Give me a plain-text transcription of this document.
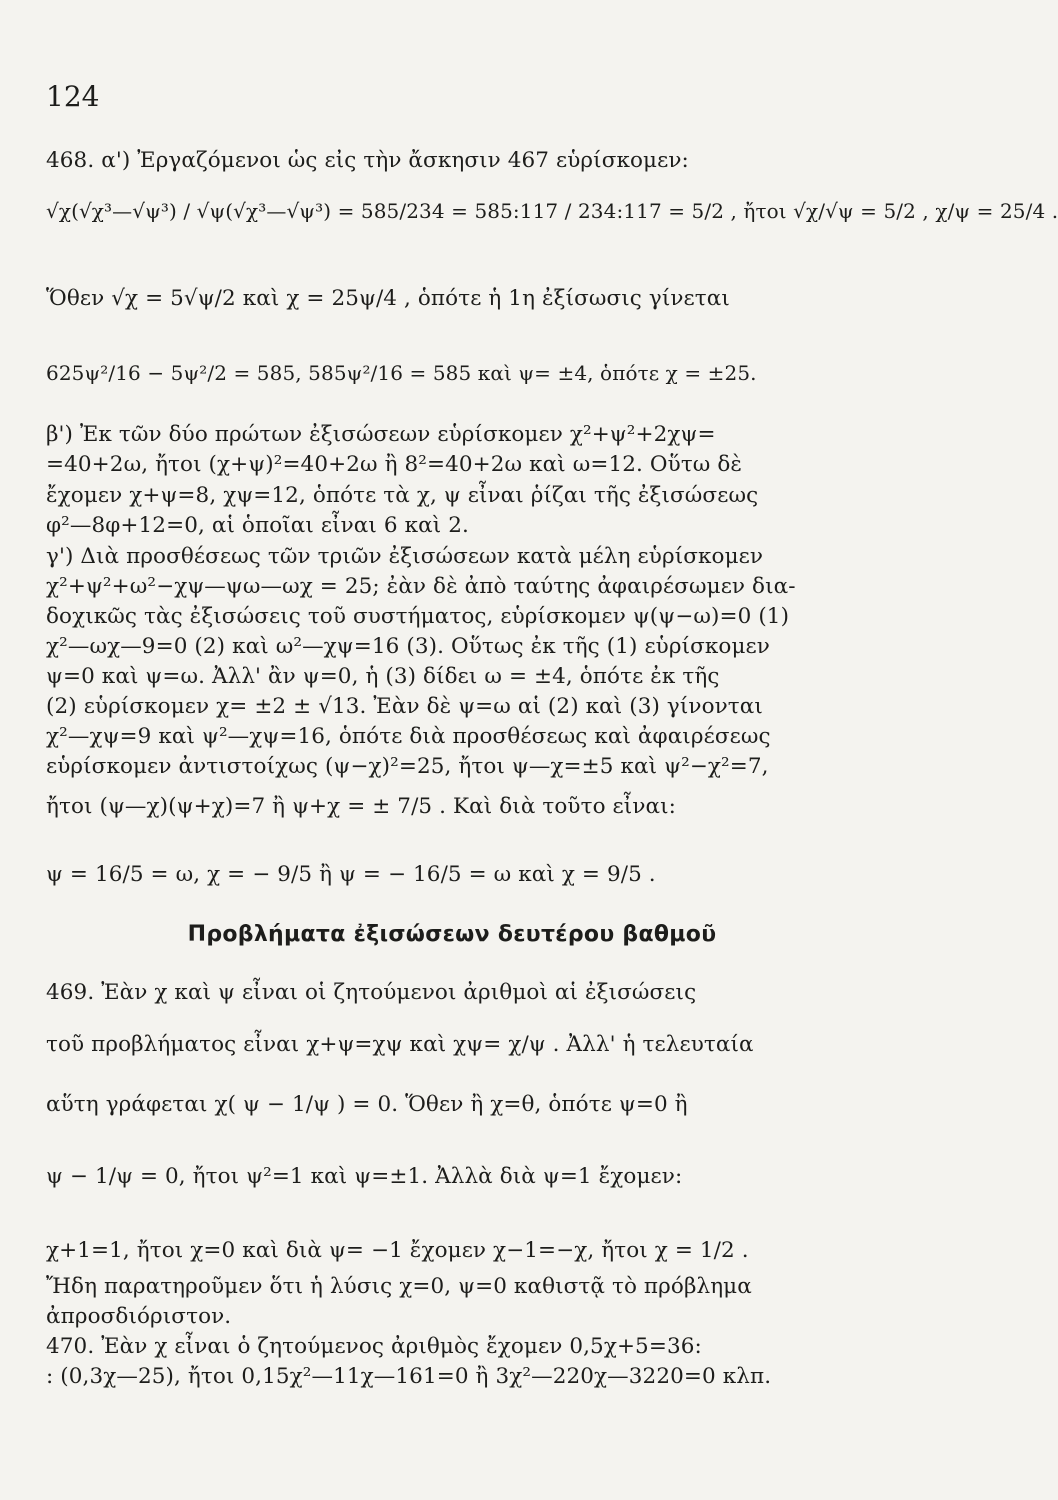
124
468. α') Ἐργαζόμενοι ὡς εἰς τὴν ἄσκησιν 467 εὑρίσκομεν:
√χ(√χ³—√ψ³) / √ψ(√χ³—√ψ³) = 585/234 = 585:117 / 234:117 = 5/2 , ἤτοι √χ/√ψ = 5/2 , χ/ψ = 25/4 .
Ὅθεν √χ = 5√ψ/2 καὶ χ = 25ψ/4 , ὁπότε ἡ 1η ἐξίσωσις γίνεται
625ψ²/16 − 5ψ²/2 = 585, 585ψ²/16 = 585 καὶ ψ= ±4, ὁπότε χ = ±25.
β') Ἐκ τῶν δύο πρώτων ἐξισώσεων εὑρίσκομεν χ²+ψ²+2χψ=
=40+2ω, ἤτοι (χ+ψ)²=40+2ω ἢ 8²=40+2ω καὶ ω=12. Οὕτω δὲ
ἔχομεν χ+ψ=8, χψ=12, ὁπότε τὰ χ, ψ εἶναι ῥίζαι τῆς ἐξισώσεως
φ²—8φ+12=0, αἱ ὁποῖαι εἶναι 6 καὶ 2.
γ') Διὰ προσθέσεως τῶν τριῶν ἐξισώσεων κατὰ μέλη εὑρίσκομεν
χ²+ψ²+ω²−χψ—ψω—ωχ = 25; ἐὰν δὲ ἀπὸ ταύτης ἀφαιρέσωμεν δια-
δοχικῶς τὰς ἐξισώσεις τοῦ συστήματος, εὑρίσκομεν ψ(ψ−ω)=0 (1)
χ²—ωχ—9=0 (2) καὶ ω²—χψ=16 (3). Οὕτως ἐκ τῆς (1) εὑρίσκομεν
ψ=0 καὶ ψ=ω. Ἀλλ' ἂν ψ=0, ἡ (3) δίδει ω = ±4, ὁπότε ἐκ τῆς
(2) εὑρίσκομεν χ= ±2 ± √13. Ἐὰν δὲ ψ=ω αἱ (2) καὶ (3) γίνονται
χ²—χψ=9 καὶ ψ²—χψ=16, ὁπότε διὰ προσθέσεως καὶ ἀφαιρέσεως
εὑρίσκομεν ἀντιστοίχως (ψ−χ)²=25, ἤτοι ψ—χ=±5 καὶ ψ²−χ²=7,
ἤτοι (ψ—χ)(ψ+χ)=7 ἢ ψ+χ = ± 7/5 . Καὶ διὰ τοῦτο εἶναι:
ψ = 16/5 = ω, χ = − 9/5 ἢ ψ = − 16/5 = ω καὶ χ = 9/5 .
Προβλήματα ἐξισώσεων δευτέρου βαθμοῦ
469. Ἐὰν χ καὶ ψ εἶναι οἱ ζητούμενοι ἀριθμοὶ αἱ ἐξισώσεις
τοῦ προβλήματος εἶναι χ+ψ=χψ καὶ χψ= χ/ψ . Ἀλλ' ἡ τελευταία
αὕτη γράφεται χ( ψ − 1/ψ ) = 0. Ὅθεν ἢ χ=θ, ὁπότε ψ=0 ἢ
ψ − 1/ψ = 0, ἤτοι ψ²=1 καὶ ψ=±1. Ἀλλὰ διὰ ψ=1 ἔχομεν:
χ+1=1, ἤτοι χ=0 καὶ διὰ ψ= −1 ἔχομεν χ−1=−χ, ἤτοι χ = 1/2 .
Ἤδη παρατηροῦμεν ὅτι ἡ λύσις χ=0, ψ=0 καθιστᾷ τὸ πρόβλημα
ἀπροσδιόριστον.
470. Ἐὰν χ εἶναι ὁ ζητούμενος ἀριθμὸς ἔχομεν 0,5χ+5=36:
: (0,3χ—25), ἤτοι 0,15χ²—11χ—161=0 ἢ 3χ²—220χ—3220=0 κλπ.
